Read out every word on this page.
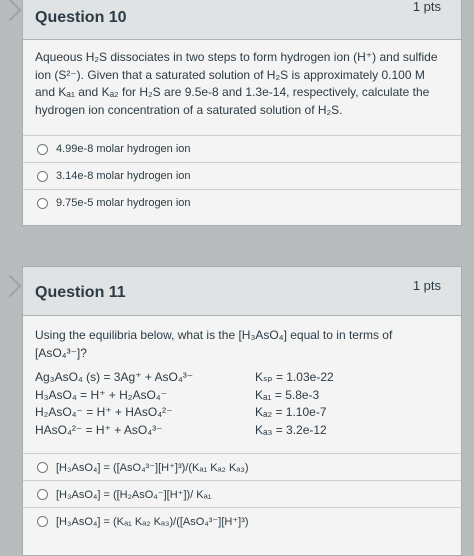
Question 10
1 pts
Aqueous H₂S dissociates in two steps to form hydrogen ion (H⁺) and sulfide
ion (S²⁻). Given that a saturated solution of H₂S is approximately 0.100 M
and Kₐ₁ and Kₐ₂ for H₂S are 9.5e-8 and 1.3e-14, respectively, calculate the
hydrogen ion concentration of a saturated solution of H₂S.
4.99e-8 molar hydrogen ion
3.14e-8 molar hydrogen ion
9.75e-5 molar hydrogen ion
Question 11	1 pts
Using the equilibria below, what is the [H₃AsO₄] equal to in terms of
[AsO₄³⁻]?
Ag₃AsO₄ (s) = 3Ag⁺ + AsO₄³⁻	Kₛₚ = 1.03e-22
H₃AsO₄ = H⁺ + H₂AsO₄⁻	Kₐ₁ = 5.8e-3
H₂AsO₄⁻ = H⁺ + HAsO₄²⁻	Kₐ₂ = 1.10e-7
HAsO₄²⁻ = H⁺ + AsO₄³⁻	Kₐ₃ = 3.2e-12
[H₃AsO₄] = ([AsO₄³⁻][H⁺]³)/(Kₐ₁ Kₐ₂ Kₐ₃)
[H₃AsO₄] = ([H₂AsO₄⁻][H⁺])/ Kₐ₁
[H₃AsO₄] = (Kₐ₁ Kₐ₂ Kₐ₃)/([AsO₄³⁻][H⁺]³)
